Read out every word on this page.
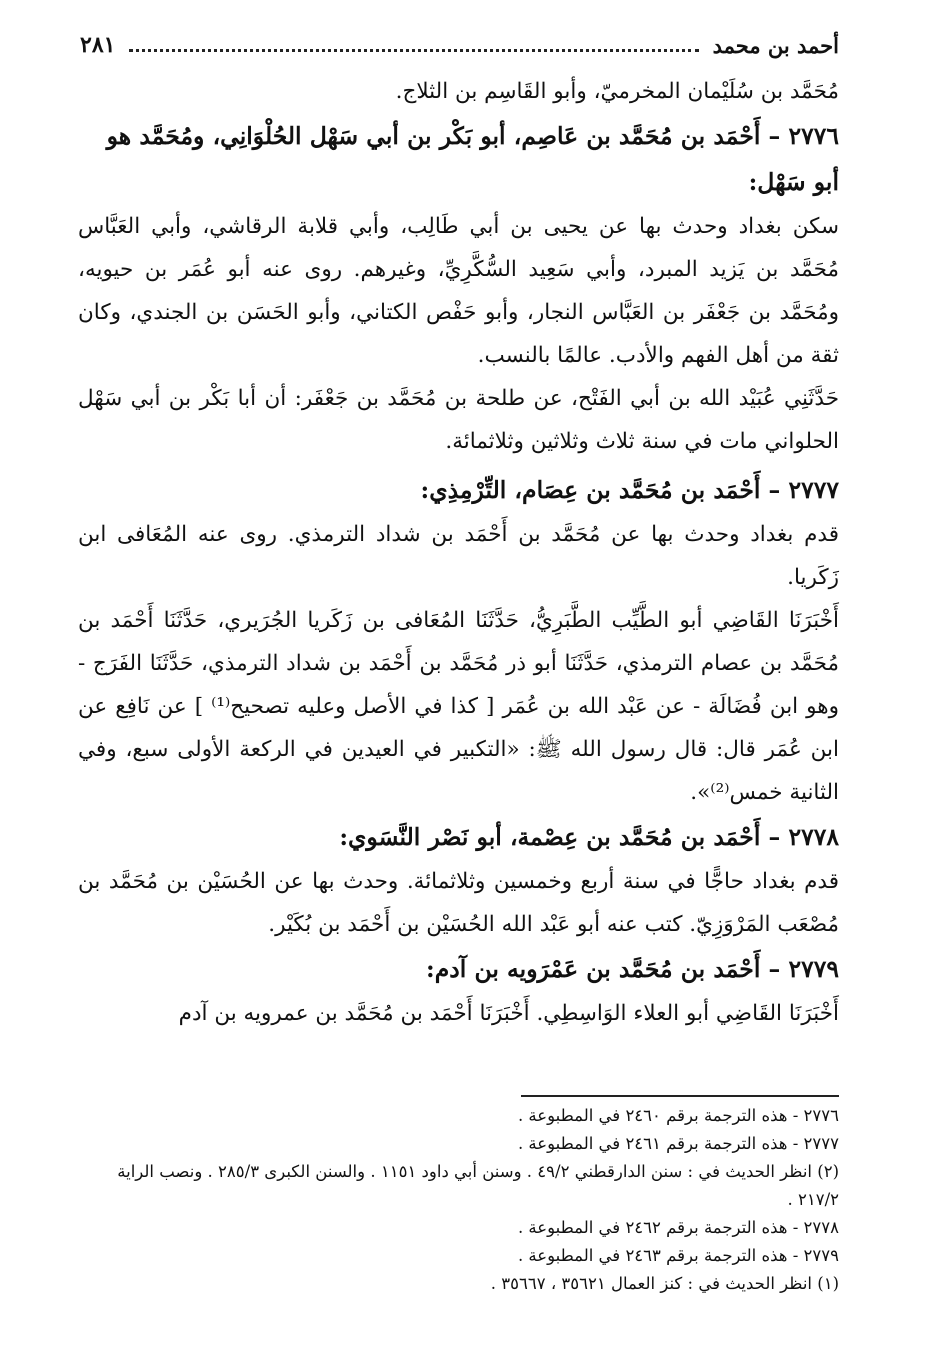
أحمد بن محمد
٢٨١

مُحَمَّد بن سُلَيْمان المخرميّ، وأبو القَاسِم بن الثلاج.

٢٧٧٦ – أَحْمَد بن مُحَمَّد بن عَاصِم، أبو بَكْر بن أبي سَهْل الحُلْوَانِي، ومُحَمَّد هو أبو سَهْل:

سكن بغداد وحدث بها عن يحيى بن أبي طَالِب، وأبي قلابة الرقاشي، وأبي العَبَّاس مُحَمَّد بن يَزيد المبرد، وأبي سَعِيد السُّكَّرِيِّ، وغيرهم. روى عنه أبو عُمَر بن حيويه، ومُحَمَّد بن جَعْفَر بن العَبَّاس النجار، وأبو حَفْص الكتاني، وأبو الحَسَن بن الجندي، وكان ثقة من أهل الفهم والأدب. عالمًا بالنسب.

حَدَّثَنِي عُبَيْد الله بن أبي الفَتْح، عن طلحة بن مُحَمَّد بن جَعْفَر: أن أبا بَكْر بن أبي سَهْل الحلواني مات في سنة ثلاث وثلاثين وثلاثمائة.

٢٧٧٧ – أَحْمَد بن مُحَمَّد بن عِصَام، التِّرْمِذِي:

قدم بغداد وحدث بها عن مُحَمَّد بن أَحْمَد بن شداد الترمذي. روى عنه المُعَافى ابن زَكَريا.

أَخْبَرَنَا القَاضِي أبو الطَّيِّب الطَّبَرِيُّ، حَدَّثَنَا المُعَافى بن زَكَريا الجُرَيري، حَدَّثَنَا أَحْمَد بن مُحَمَّد بن عصام الترمذي، حَدَّثَنَا أبو ذر مُحَمَّد بن أَحْمَد بن شداد الترمذي، حَدَّثَنَا الفَرَج - وهو ابن فُضَالَة - عن عَبْد الله بن عُمَر [ كذا في الأصل وعليه تصحيح⁽¹⁾ ] عن نَافِع عن ابن عُمَر قال: قال رسول الله ﷺ: «التكبير في العيدين في الركعة الأولى سبع، وفي الثانية خمس⁽²⁾».

٢٧٧٨ – أَحْمَد بن مُحَمَّد بن عِصْمة، أبو نَصْر النَّسَوي:

قدم بغداد حاجًّا في سنة أربع وخمسين وثلاثمائة. وحدث بها عن الحُسَيْن بن مُحَمَّد بن مُصْعَب المَرْوَزِيّ. كتب عنه أبو عَبْد الله الحُسَيْن بن أَحْمَد بن بُكَيْر.

٢٧٧٩ – أَحْمَد بن مُحَمَّد بن عَمْرَويه بن آدم:

أَخْبَرَنَا القَاضِي أبو العلاء الوَاسِطِي. أَخْبَرَنَا أَحْمَد بن مُحَمَّد بن عمرويه بن آدم

٢٧٧٦ - هذه الترجمة برقم ٢٤٦٠ في المطبوعة .

٢٧٧٧ - هذه الترجمة برقم ٢٤٦١ في المطبوعة .

(٢) انظر الحديث في : سنن الدارقطني ٤٩/٢ . وسنن أبي داود ١١٥١ . والسنن الكبرى ٢٨٥/٣ . ونصب الراية ٢١٧/٢ .

٢٧٧٨ - هذه الترجمة برقم ٢٤٦٢ في المطبوعة .

٢٧٧٩ - هذه الترجمة برقم ٢٤٦٣ في المطبوعة .

(١) انظر الحديث في : كنز العمال ٣٥٦٢١ ، ٣٥٦٦٧ .
